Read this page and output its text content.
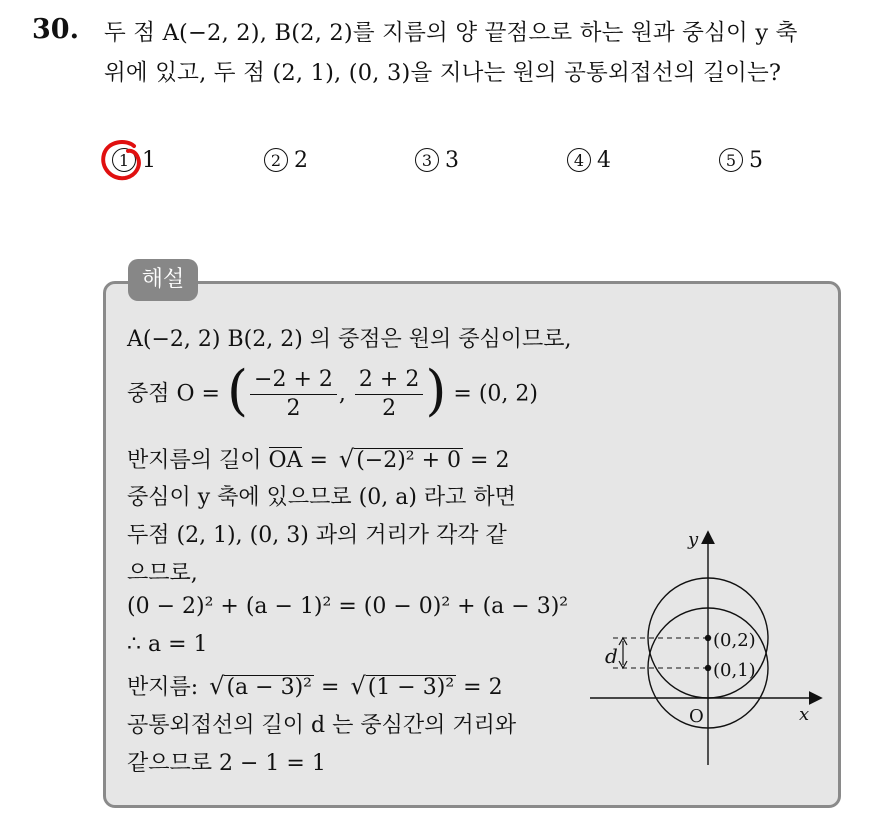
30. 두 점 A(−2, 2), B(2, 2)를 지름의 양 끝점으로 하는 원과 중심이 y 축
위에 있고, 두 점 (2, 1), (0, 3)을 지나는 원의 공통외접선의 길이는?
1 1	2 2	3 3	4 4	5 5
해설
A(−2, 2) B(2, 2) 의 중점은 원의 중심이므로,
중점 O = ( $\frac{-2 + 2}{2}$ , $\frac{2 + 2}{2}$ ) = (0, 2)
반지름의 길이 OA = √(−2)² + 0 = 2
중심이 y 축에 있으므로 (0, a) 라고 하면
두점 (2, 1), (0, 3) 과의 거리가 각각 같
으므로,
(0 − 2)² + (a − 1)² = (0 − 0)² + (a − 3)²
∴ a = 1
반지름: √(a − 3)² = √(1 − 3)² = 2
공통외접선의 길이 d 는 중심간의 거리와
같으므로 2 − 1 = 1
y
x
O
(0,2)
(0,1)
d
